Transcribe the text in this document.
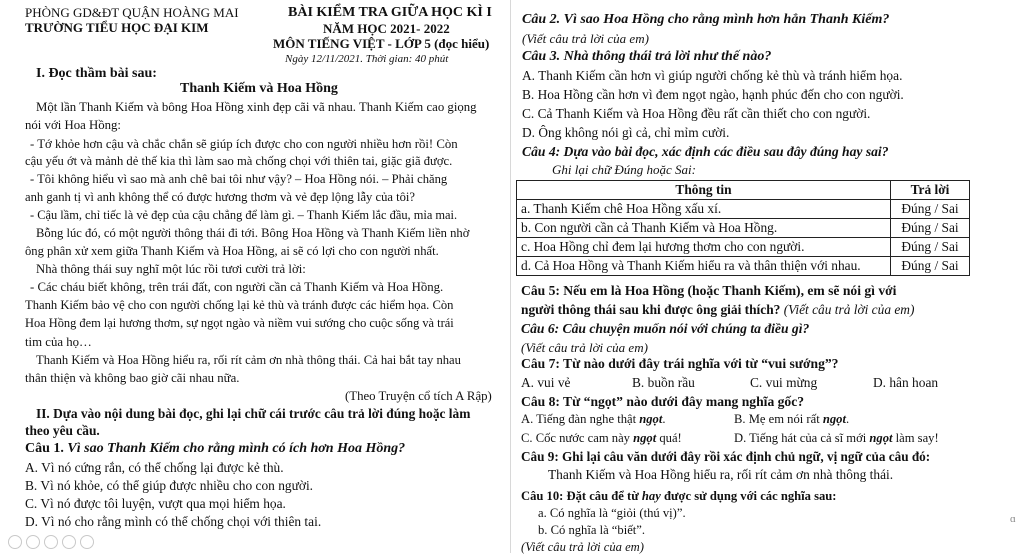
PHÒNG GD&ĐT QUẬN HOÀNG MAI
TRƯỜNG TIỂU HỌC ĐẠI KIM
BÀI KIỂM TRA GIỮA HỌC KÌ I
NĂM HỌC 2021- 2022
MÔN TIẾNG VIỆT - LỚP 5 (đọc hiểu)
Ngày 12/11/2021. Thời gian: 40 phút
I. Đọc thầm bài sau:
Thanh Kiếm và Hoa Hồng
Một lần Thanh Kiếm và bông Hoa Hồng xinh đẹp cãi vã nhau. Thanh Kiếm cao giọng
nói với Hoa Hồng:
- Tớ khỏe hơn cậu và chắc chắn sẽ giúp ích được cho con người nhiều hơn rồi! Còn
cậu yếu ớt và mảnh dẻ thế kia thì làm sao mà chống chọi với thiên tai, giặc giã được.
- Tôi không hiểu vì sao mà anh chê bai tôi như vậy? – Hoa Hồng nói. – Phải chăng
anh ganh tị vì anh không thể có được hương thơm và vẻ đẹp lộng lẫy của tôi?
- Cậu lầm, chỉ tiếc là vẻ đẹp của cậu chẳng để làm gì. – Thanh Kiếm lắc đầu, mỉa mai.
Bỗng lúc đó, có một người thông thái đi tới. Bông Hoa Hồng và Thanh Kiếm liền nhờ
ông phân xử xem giữa Thanh Kiếm và Hoa Hồng, ai sẽ có lợi cho con người nhất.
Nhà thông thái suy nghĩ một lúc rồi tươi cười trả lời:
- Các cháu biết không, trên trái đất, con người cần cả Thanh Kiếm và Hoa Hồng.
Thanh Kiếm bảo vệ cho con người chống lại kẻ thù và tránh được các hiểm họa. Còn
Hoa Hồng đem lại hương thơm, sự ngọt ngào và niềm vui sướng cho cuộc sống và trái
tim của họ…
Thanh Kiếm và Hoa Hồng hiểu ra, rối rít cảm ơn nhà thông thái. Cả hai bắt tay nhau
thân thiện và không bao giờ cãi nhau nữa.
(Theo Truyện cổ tích A Rập)
II. Dựa vào nội dung bài đọc, ghi lại chữ cái trước câu trả lời đúng hoặc làm
theo yêu cầu.
Câu 1. Vì sao Thanh Kiếm cho rằng mình có ích hơn Hoa Hồng?
A. Vì nó cứng rắn, có thể chống lại được kẻ thù.
B. Vì nó khỏe, có thể giúp được nhiều cho con người.
C. Vì nó được tôi luyện, vượt qua mọi hiểm họa.
D. Vì nó cho rằng mình có thể chống chọi với thiên tai.
Câu 2. Vì sao Hoa Hồng cho rằng mình hơn hẳn Thanh Kiếm?
(Viết câu trả lời của em)
Câu 3. Nhà thông thái trả lời như thế nào?
A. Thanh Kiếm cần hơn vì giúp người chống kẻ thù và tránh hiểm họa.
B. Hoa Hồng cần hơn vì đem ngọt ngào, hạnh phúc đến cho con người.
C. Cả Thanh Kiếm và Hoa Hồng đều rất cần thiết cho con người.
D. Ông không nói gì cả, chỉ mỉm cười.
Câu 4: Dựa vào bài đọc, xác định các điều sau đây đúng hay sai?
Ghi lại chữ Đúng hoặc Sai:
Thông tin	Trả lời
a. Thanh Kiếm chê Hoa Hồng xấu xí.	Đúng / Sai
b. Con người cần cả Thanh Kiếm và Hoa Hồng.	Đúng / Sai
c. Hoa Hồng chỉ đem lại hương thơm cho con người.	Đúng / Sai
d. Cả Hoa Hồng và Thanh Kiếm hiểu ra và thân thiện với nhau.	Đúng / Sai
Câu 5: Nếu em là Hoa Hồng (hoặc Thanh Kiếm), em sẽ nói gì với
người thông thái sau khi được ông giải thích? (Viết câu trả lời của em)
Câu 6: Câu chuyện muốn nói với chúng ta điều gì?
(Viết câu trả lời của em)
Câu 7: Từ nào dưới đây trái nghĩa với từ “vui sướng”?
A. vui vẻ	B. buồn rầu	C. vui mừng	D. hân hoan
Câu 8: Từ “ngọt” nào dưới đây mang nghĩa gốc?
A. Tiếng đàn nghe thật ngọt.	B. Mẹ em nói rất ngọt.
C. Cốc nước cam này ngọt quá!	D. Tiếng hát của cả sĩ mới ngọt làm say!
Câu 9: Ghi lại câu văn dưới đây rồi xác định chủ ngữ, vị ngữ của câu đó:
Thanh Kiếm và Hoa Hồng hiểu ra, rối rít cảm ơn nhà thông thái.
Câu 10: Đặt câu để từ hay được sử dụng với các nghĩa sau:
a. Có nghĩa là “giỏi (thú vị)”.
b. Có nghĩa là “biết”.
(Viết câu trả lời của em)
ɑ
